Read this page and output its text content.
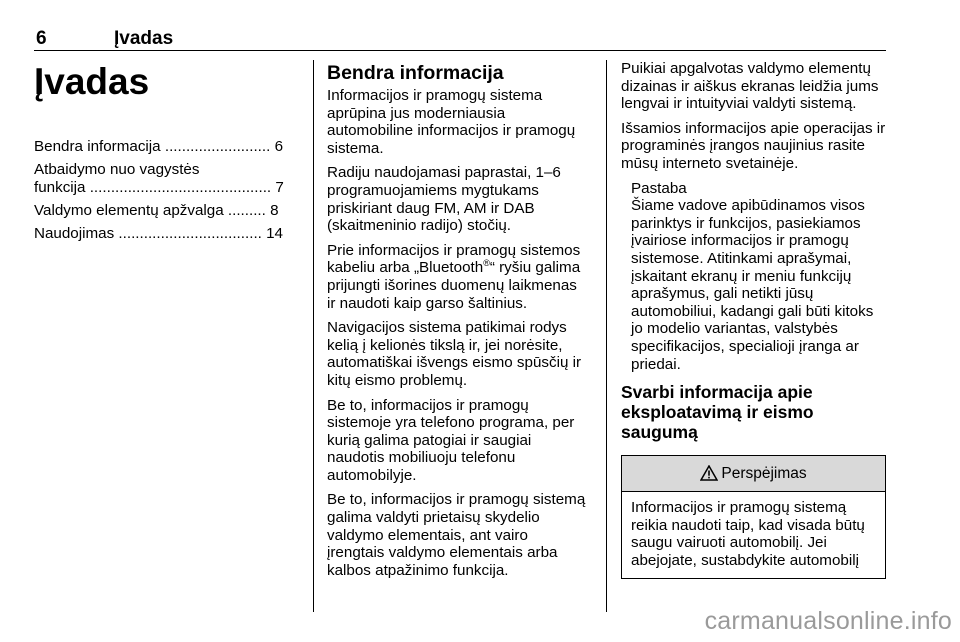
6	Įvadas
Įvadas
Bendra informacija ......................... 6
Atbaidymo nuo vagystės
funkcija ........................................... 7
Valdymo elementų apžvalga ......... 8
Naudojimas .................................. 14
Bendra informacija

Informacijos ir pramogų sistema aprūpina jus moderniausia automobiline informacijos ir pramogų sistema.

Radiju naudojamasi paprastai, 1–6 programuojamiems mygtukams priskiriant daug FM, AM ir DAB (skaitmeninio radijo) stočių.

Prie informacijos ir pramogų sistemos kabeliu arba „Bluetooth®“ ryšiu galima prijungti išorines duomenų laikmenas ir naudoti kaip garso šaltinius.

Navigacijos sistema patikimai rodys kelią į kelionės tikslą ir, jei norėsite, automatiškai išvengs eismo spūsčių ir kitų eismo problemų.

Be to, informacijos ir pramogų sistemoje yra telefono programa, per kurią galima patogiai ir saugiai naudotis mobiliuoju telefonu automobilyje.

Be to, informacijos ir pramogų sistemą galima valdyti prietaisų skydelio valdymo elementais, ant vairo įrengtais valdymo elementais arba kalbos atpažinimo funkcija.

Puikiai apgalvotas valdymo elementų dizainas ir aiškus ekranas leidžia jums lengvai ir intuityviai valdyti sistemą.

Išsamios informacijos apie operacijas ir programinės įrangos naujinius rasite mūsų interneto svetainėje.

Pastaba
Šiame vadove apibūdinamos visos parinktys ir funkcijos, pasiekiamos įvairiose informacijos ir pramogų sistemose. Atitinkami aprašymai, įskaitant ekranų ir meniu funkcijų aprašymus, gali netikti jūsų automobiliui, kadangi gali būti kitoks jo modelio variantas, valstybės specifikacijos, specialioji įranga ar priedai.
Svarbi informacija apie eksploatavimą ir eismo saugumą
Perspėjimas
Informacijos ir pramogų sistemą reikia naudoti taip, kad visada būtų saugu vairuoti automobilį. Jei abejojate, sustabdykite automobilį
carmanualsonline.info
